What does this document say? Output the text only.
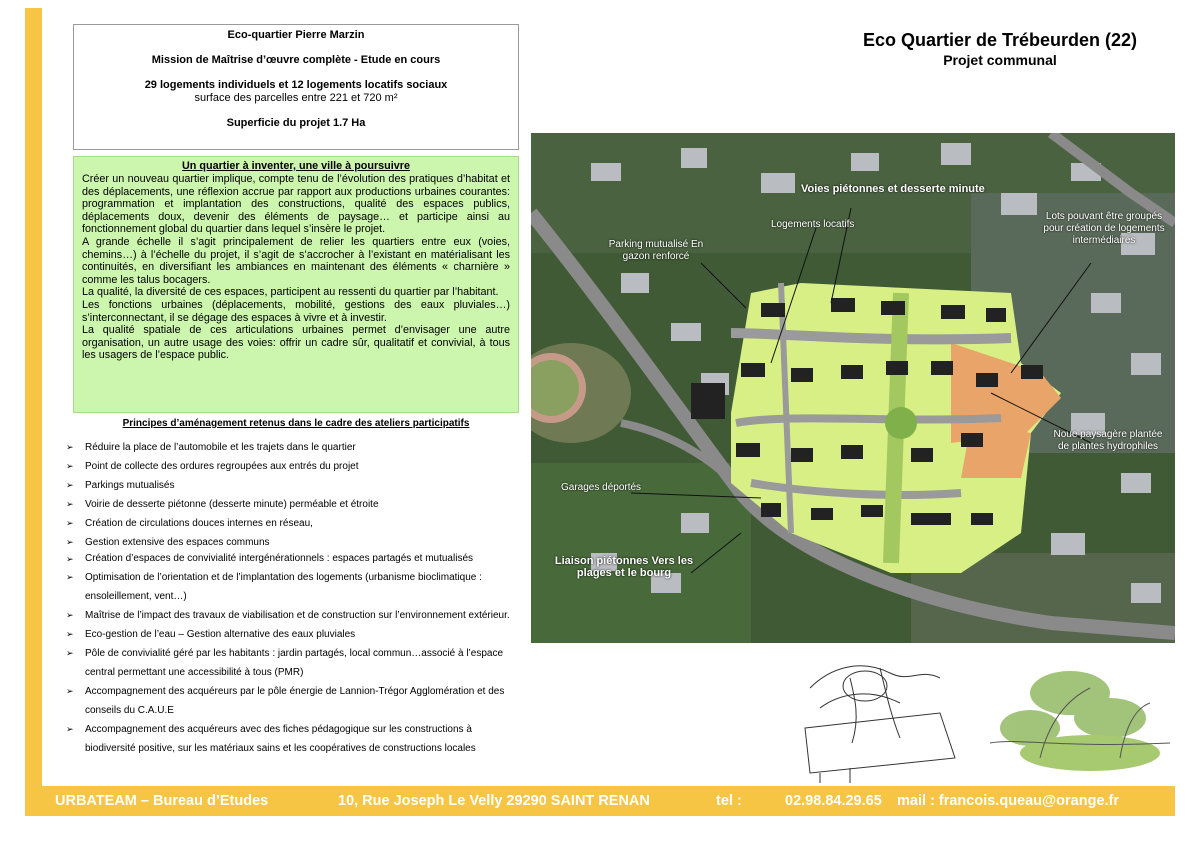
Eco-quartier Pierre Marzin
Mission de Maîtrise d’œuvre complète - Etude en cours
29 logements individuels et 12 logements locatifs sociaux
surface des parcelles entre 221 et 720 m²
Superficie du projet 1.7 Ha
Un quartier à inventer, une ville à poursuivre

Créer un nouveau quartier implique, compte tenu de l’évolution des pratiques d’habitat et des déplacements, une réflexion accrue par rapport aux productions urbaines courantes: programmation et implantation des constructions, qualité des espaces publics, déplacements doux, devenir des éléments de paysage… et participe ainsi au fonctionnement global du quartier dans lequel s’insère le projet.

A grande échelle il s’agit principalement de relier les quartiers entre eux (voies, chemins…) à l’échelle du projet, il s’agit de s’accrocher à l’existant en matérialisant les continuités, en diversifiant les ambiances en maintenant des éléments « charnière » comme les talus bocagers.

La qualité, la diversité de ces espaces, participent au ressenti du quartier par l’habitant.

Les fonctions urbaines (déplacements, mobilité, gestions des eaux pluviales…) s’interconnectant, il se dégage des espaces à vivre et à investir.

La qualité spatiale de ces articulations urbaines permet d’envisager une autre organisation, un autre usage des voies: offrir un cadre sûr, qualitatif et convivial, à tous les usagers de l’espace public.

Principes d’aménagement retenus dans le cadre des ateliers participatifs
➢	Réduire la place de l’automobile et les trajets dans le quartier
➢	Point de collecte des ordures regroupées aux entrés du projet
➢	Parkings mutualisés
➢	Voirie de desserte piétonne (desserte minute) perméable et étroite
➢	Création de circulations douces internes en réseau,
➢	Gestion extensive des espaces communs
➢	Création d’espaces de convivialité intergénérationnels : espaces partagés et mutualisés
➢	Optimisation de l’orientation et de l’implantation des logements (urbanisme bioclimatique : ensoleillement, vent…)
➢	Maîtrise de l’impact des travaux de viabilisation et de construction sur l’environnement extérieur.
➢	Eco-gestion de l’eau – Gestion alternative des eaux pluviales
➢	Pôle de convivialité géré par les habitants : jardin partagés, local commun…associé à l’espace central permettant une accessibilité à tous (PMR)
➢	Accompagnement des acquéreurs par le pôle énergie de Lannion-Trégor Agglomération et des conseils du C.A.U.E
➢	Accompagnement des acquéreurs avec des fiches pédagogique sur les constructions à biodiversité positive, sur les matériaux sains et les coopératives de constructions locales
Eco Quartier de Trébeurden (22)
Projet communal
Voies piétonnes et desserte minute
Logements locatifs
Parking mutualisé En gazon renforcé
Lots pouvant être groupés pour création de logements intermédiaires
Noue paysagère plantée de plantes hydrophiles
Garages déportés
Liaison piétonnes Vers les plages et le bourg
URBATEAM – Bureau d’Etudes	10, Rue Joseph Le Velly 29290 SAINT RENAN	tel :	02.98.84.29.65 mail : francois.queau@orange.fr
